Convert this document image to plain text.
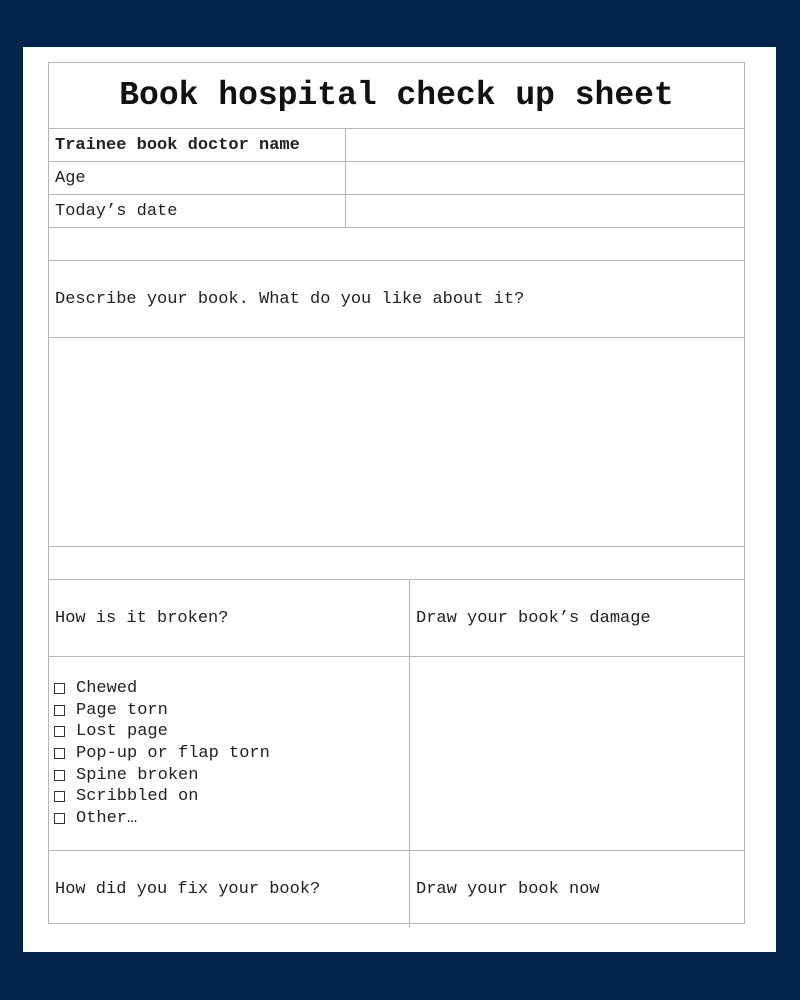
Book hospital check up sheet
Trainee book doctor name
Age
Today’s date
Describe your book. What do you like about it?
How is it broken?	Draw your book’s damage
Chewed
Page torn
Lost page
Pop-up or flap torn
Spine broken
Scribbled on
Other…
How did you fix your book?	Draw your book now
